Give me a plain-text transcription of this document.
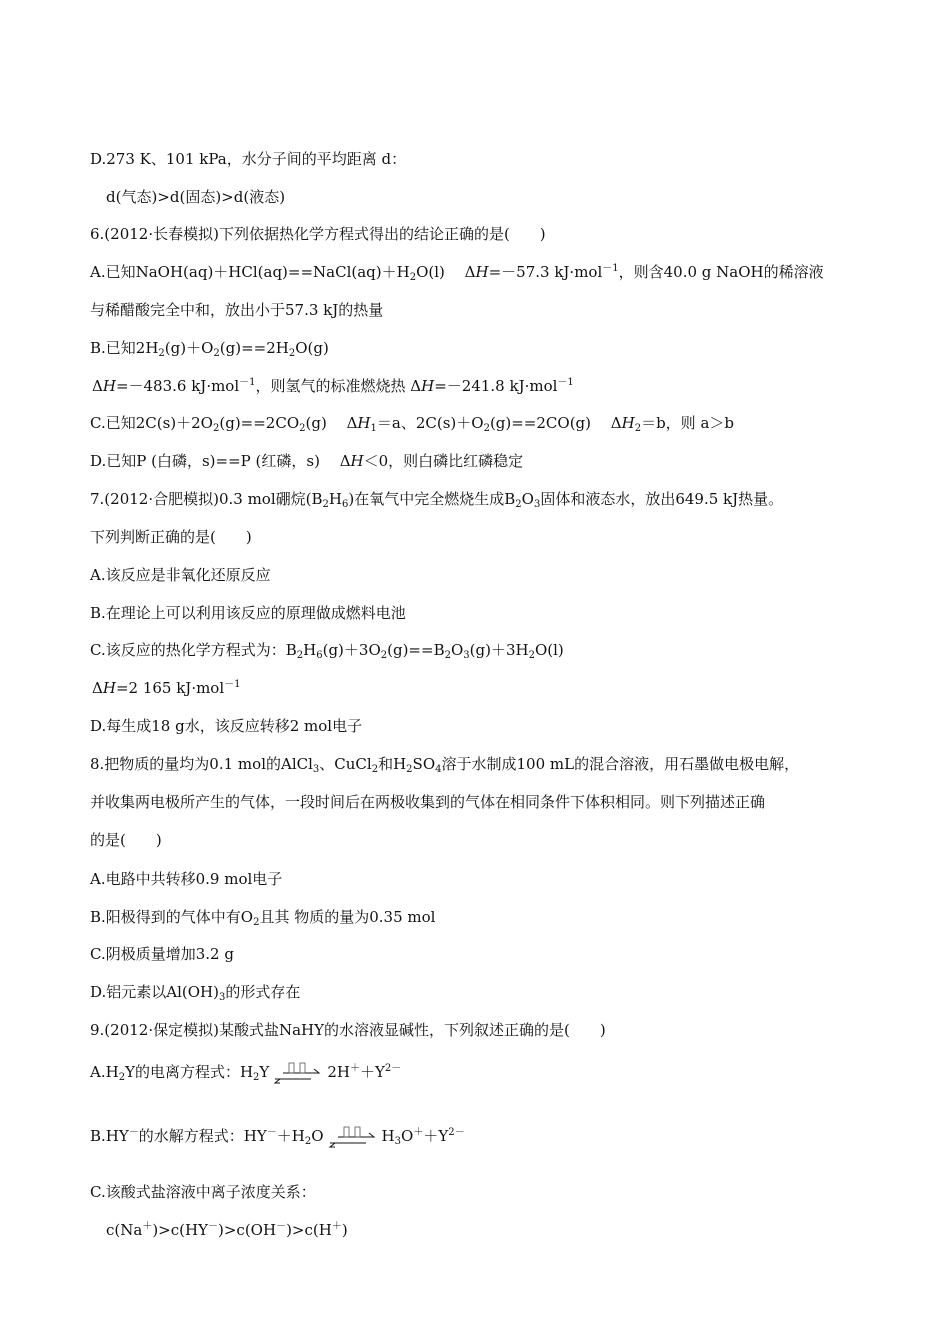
D.273 K、101 kPa，水分子间的平均距离 d：
d(气态)>d(固态)>d(液态)
6.(2012·长春模拟)下列依据热化学方程式得出的结论正确的是(　　)
A.已知$NaOH(aq)+HCl(aq)==NaCl(aq)+H_2O(l)$　 ΔH=－57.3 kJ·mol$^{-1}$，则含40.0 g NaOH的稀溶液
与稀醋酸完全中和，放出小于57.3 kJ的热量
B.已知$2H_2(g)+O_2(g)==2H_2O(g)$
ΔH=－483.6 kJ·mol$^{-1}$，则氢气的标准燃烧热 ΔH=－241.8 kJ·mol$^{-1}$
C.已知$2C(s)+2O_2(g)==2CO_2(g)$　 $\Delta H_1=a$、$2C(s)+O_2(g)==2CO(g)$　 $\Delta H_2=b$，则 a＞b
D.已知P (白磷，s)==P (红磷，s)　 ΔH＜0，则白磷比红磷稳定
7.(2012·合肥模拟)0.3 mol硼烷$(B_2H_6)$在氧气中完全燃烧生成$B_2O_3$固体和液态水，放出649.5 kJ热量。
下列判断正确的是(　　)
A.该反应是非氧化还原反应
B.在理论上可以利用该反应的原理做成燃料电池
C.该反应的热化学方程式为：$B_2H_6(g)+3O_2(g)==B_2O_3(g)+3H_2O(l)$
ΔH=2 165 kJ·mol$^{-1}$
D.每生成18 g水，该反应转移2 mol电子
8.把物质的量均为0.1 mol的AlCl$_3$、CuCl$_2$和$H_2SO_4$溶于水制成100 mL的混合溶液，用石墨做电极电解，
并收集两电极所产生的气体，一段时间后在两极收集到的气体在相同条件下体积相同。则下列描述正确
的是(　　)
A.电路中共转移0.9 mol电子
B.阳极得到的气体中有$O_2$且其 物质的量为0.35 mol
C.阴极质量增加3.2 g
D.铝元素以$Al(OH)_3$的形式存在
9.(2012·保定模拟)某酸式盐NaHY的水溶液显碱性，下列叙述正确的是(　　)
$A.H_2Y$的电离方程式：$H_2Y$ ⇌ $2H^++Y^{2-}$
B.HY－的水解方程式：$HY^-+H_2O$ ⇌ $H_3O^++Y^{2-}$
C.该酸式盐溶液中离子浓度关系：
c(Na＋)>c(HY－)>c(OH－)>c(H＋)
